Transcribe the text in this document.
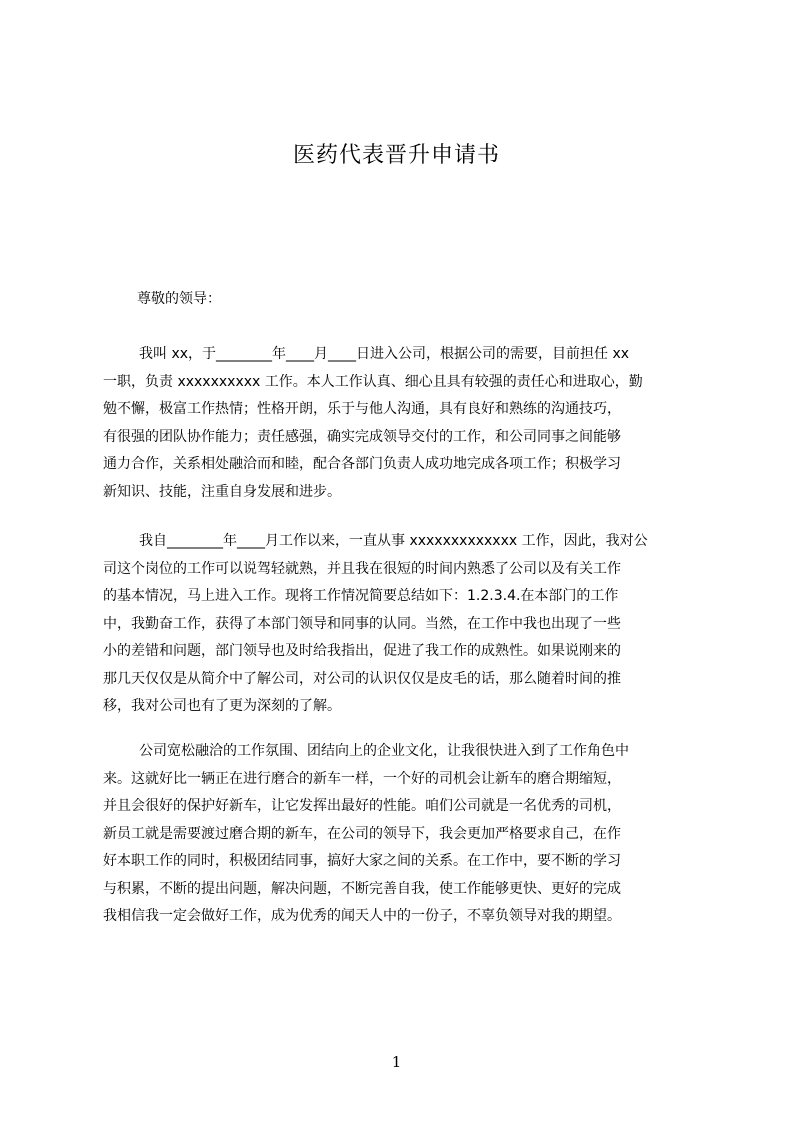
医药代表晋升申请书

尊敬的领导：

我叫 xx，于________年____月____日进入公司，根据公司的需要，目前担任 xx
一职，负责 xxxxxxxxxx 工作。本人工作认真、细心且具有较强的责任心和进取心，勤
勉不懈，极富工作热情；性格开朗，乐于与他人沟通，具有良好和熟练的沟通技巧，
有很强的团队协作能力；责任感强，确实完成领导交付的工作，和公司同事之间能够
通力合作，关系相处融洽而和睦，配合各部门负责人成功地完成各项工作；积极学习
新知识、技能，注重自身发展和进步。
我自________年____月工作以来，一直从事 xxxxxxxxxxxxx 工作，因此，我对公
司这个岗位的工作可以说驾轻就熟，并且我在很短的时间内熟悉了公司以及有关工作
的基本情况，马上进入工作。现将工作情况简要总结如下：1.2.3.4.在本部门的工作
中，我勤奋工作，获得了本部门领导和同事的认同。当然，在工作中我也出现了一些
小的差错和问题，部门领导也及时给我指出，促进了我工作的成熟性。如果说刚来的
那几天仅仅是从简介中了解公司，对公司的认识仅仅是皮毛的话，那么随着时间的推
移，我对公司也有了更为深刻的了解。
公司宽松融洽的工作氛围、团结向上的企业文化，让我很快进入到了工作角色中
来。这就好比一辆正在进行磨合的新车一样，一个好的司机会让新车的磨合期缩短，
并且会很好的保护好新车，让它发挥出最好的性能。咱们公司就是一名优秀的司机，
新员工就是需要渡过磨合期的新车，在公司的领导下，我会更加严格要求自己，在作
好本职工作的同时，积极团结同事，搞好大家之间的关系。在工作中，要不断的学习
与积累，不断的提出问题，解决问题，不断完善自我，使工作能够更快、更好的完成
我相信我一定会做好工作，成为优秀的闻天人中的一份子，不辜负领导对我的期望。
1
